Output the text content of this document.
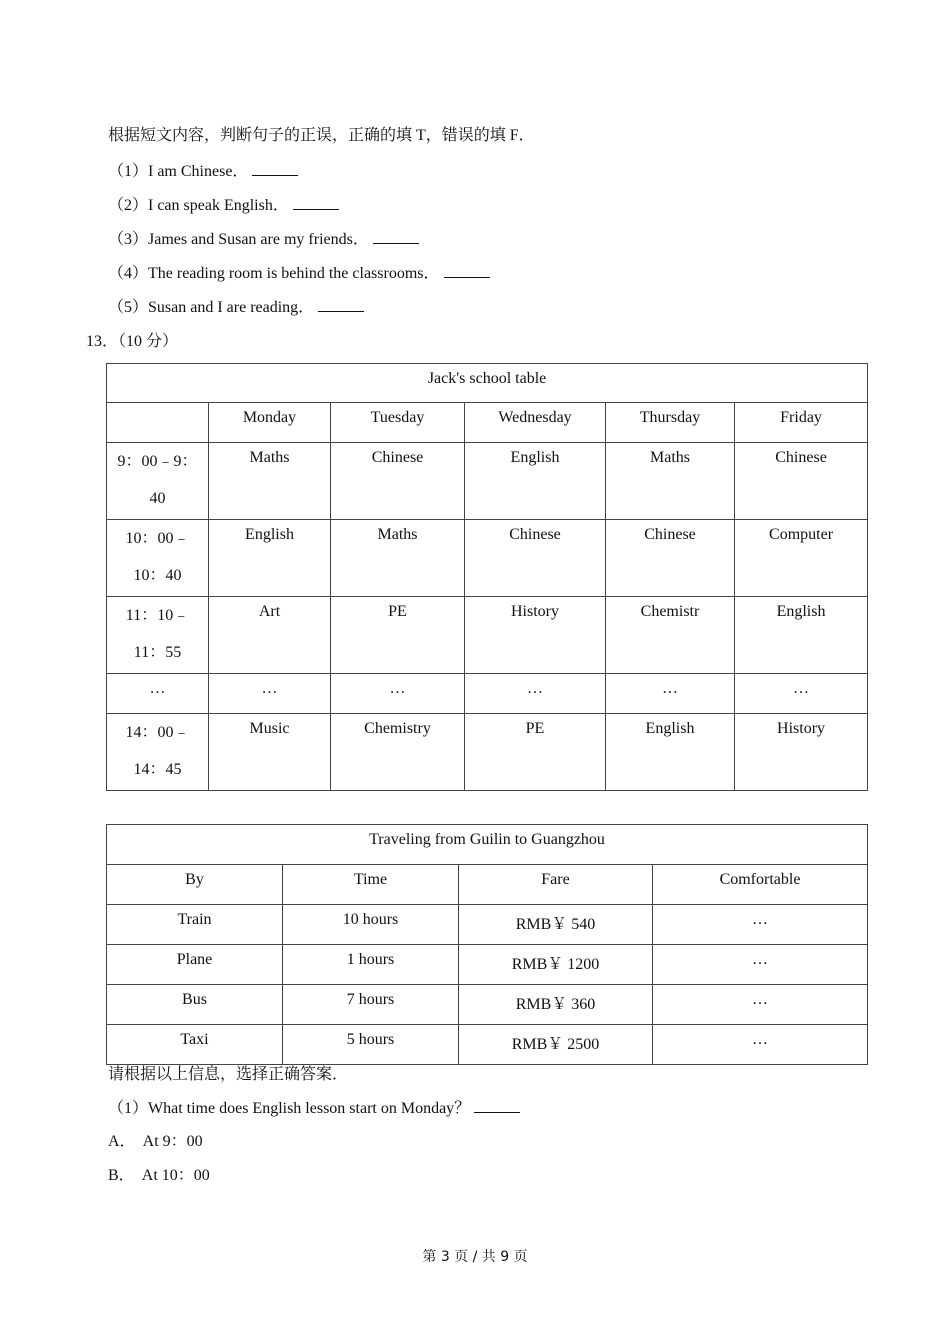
根据短文内容，判断句子的正误，正确的填 T，错误的填 F．
（1）I am Chinese．
（2）I can speak English．
（3）James and Susan are my friends．
（4）The reading room is behind the classrooms．
（5）Susan and I are reading．
13．（10 分）
Jack's school table					
	Monday	Tuesday	Wednesday	Thursday	Friday

9：00﹣9：
40	Maths	Chinese	English	Maths	Chinese

10：00﹣
10：40	English	Maths	Chinese	Chinese	Computer

11：10﹣
11：55	Art	PE	History	Chemistr	English
…	…	…	…	…	…

14：00﹣
14：45	Music	Chemistry	PE	English	History
Traveling from Guilin to Guangzhou			
By	Time	Fare	Comfortable
Train	10 hours	RMB￥ 540	…
Plane	1 hours	RMB￥ 1200	…
Bus	7 hours	RMB￥ 360	…
Taxi	5 hours	RMB￥ 2500	…
请根据以上信息，选择正确答案．
（1）What time does English lesson start on Monday？
A．  At 9：00
B．  At 10：00
第 3 页 / 共 9 页
